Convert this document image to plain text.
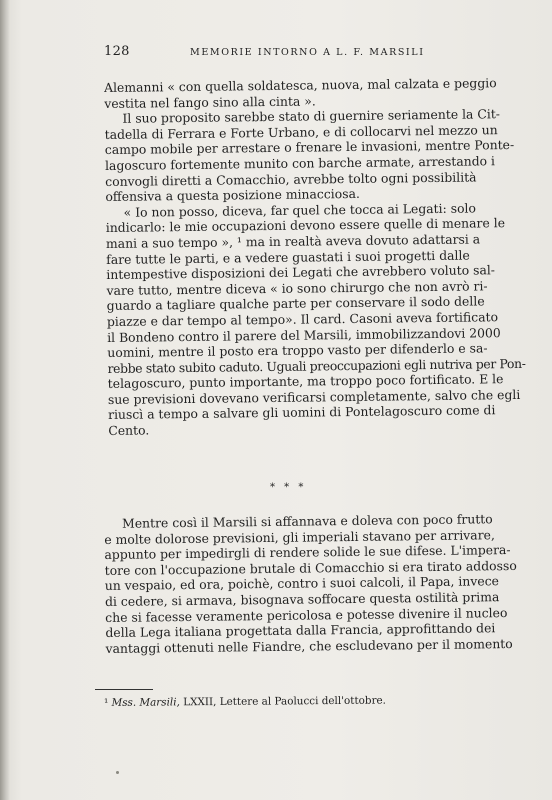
128	MEMORIE INTORNO A L. F. MARSILI
Alemanni « con quella soldatesca, nuova, mal calzata e peggio
vestita nel fango sino alla cinta ».
Il suo proposito sarebbe stato di guernire seriamente la Cit-
tadella di Ferrara e Forte Urbano, e di collocarvi nel mezzo un
campo mobile per arrestare o frenare le invasioni, mentre Ponte-
lagoscuro fortemente munito con barche armate, arrestando i
convogli diretti a Comacchio, avrebbe tolto ogni possibilità
offensiva a questa posizione minacciosa.
« Io non posso, diceva, far quel che tocca ai Legati: solo
indicarlo: le mie occupazioni devono essere quelle di menare le
mani a suo tempo », ¹ ma in realtà aveva dovuto adattarsi a
fare tutte le parti, e a vedere guastati i suoi progetti dalle
intempestive disposizioni dei Legati che avrebbero voluto sal-
vare tutto, mentre diceva « io sono chirurgo che non avrò ri-
guardo a tagliare qualche parte per conservare il sodo delle
piazze e dar tempo al tempo». Il card. Casoni aveva fortificato
il Bondeno contro il parere del Marsili, immobilizzandovi 2000
uomini, mentre il posto era troppo vasto per difenderlo e sa-
rebbe stato subito caduto. Uguali preoccupazioni egli nutriva per Pon-
telagoscuro, punto importante, ma troppo poco fortificato. E le
sue previsioni dovevano verificarsi completamente, salvo che egli
riuscì a tempo a salvare gli uomini di Pontelagoscuro come di
Cento.
* * *
Mentre così il Marsili si affannava e doleva con poco frutto
e molte dolorose previsioni, gli imperiali stavano per arrivare,
appunto per impedirgli di rendere solide le sue difese. L'impera-
tore con l'occupazione brutale di Comacchio si era tirato addosso
un vespaio, ed ora, poichè, contro i suoi calcoli, il Papa, invece
di cedere, si armava, bisognava soffocare questa ostilità prima
che si facesse veramente pericolosa e potesse divenire il nucleo
della Lega italiana progettata dalla Francia, approfittando dei
vantaggi ottenuti nelle Fiandre, che escludevano per il momento
¹ Mss. Marsili, LXXII, Lettere al Paolucci dell'ottobre.
